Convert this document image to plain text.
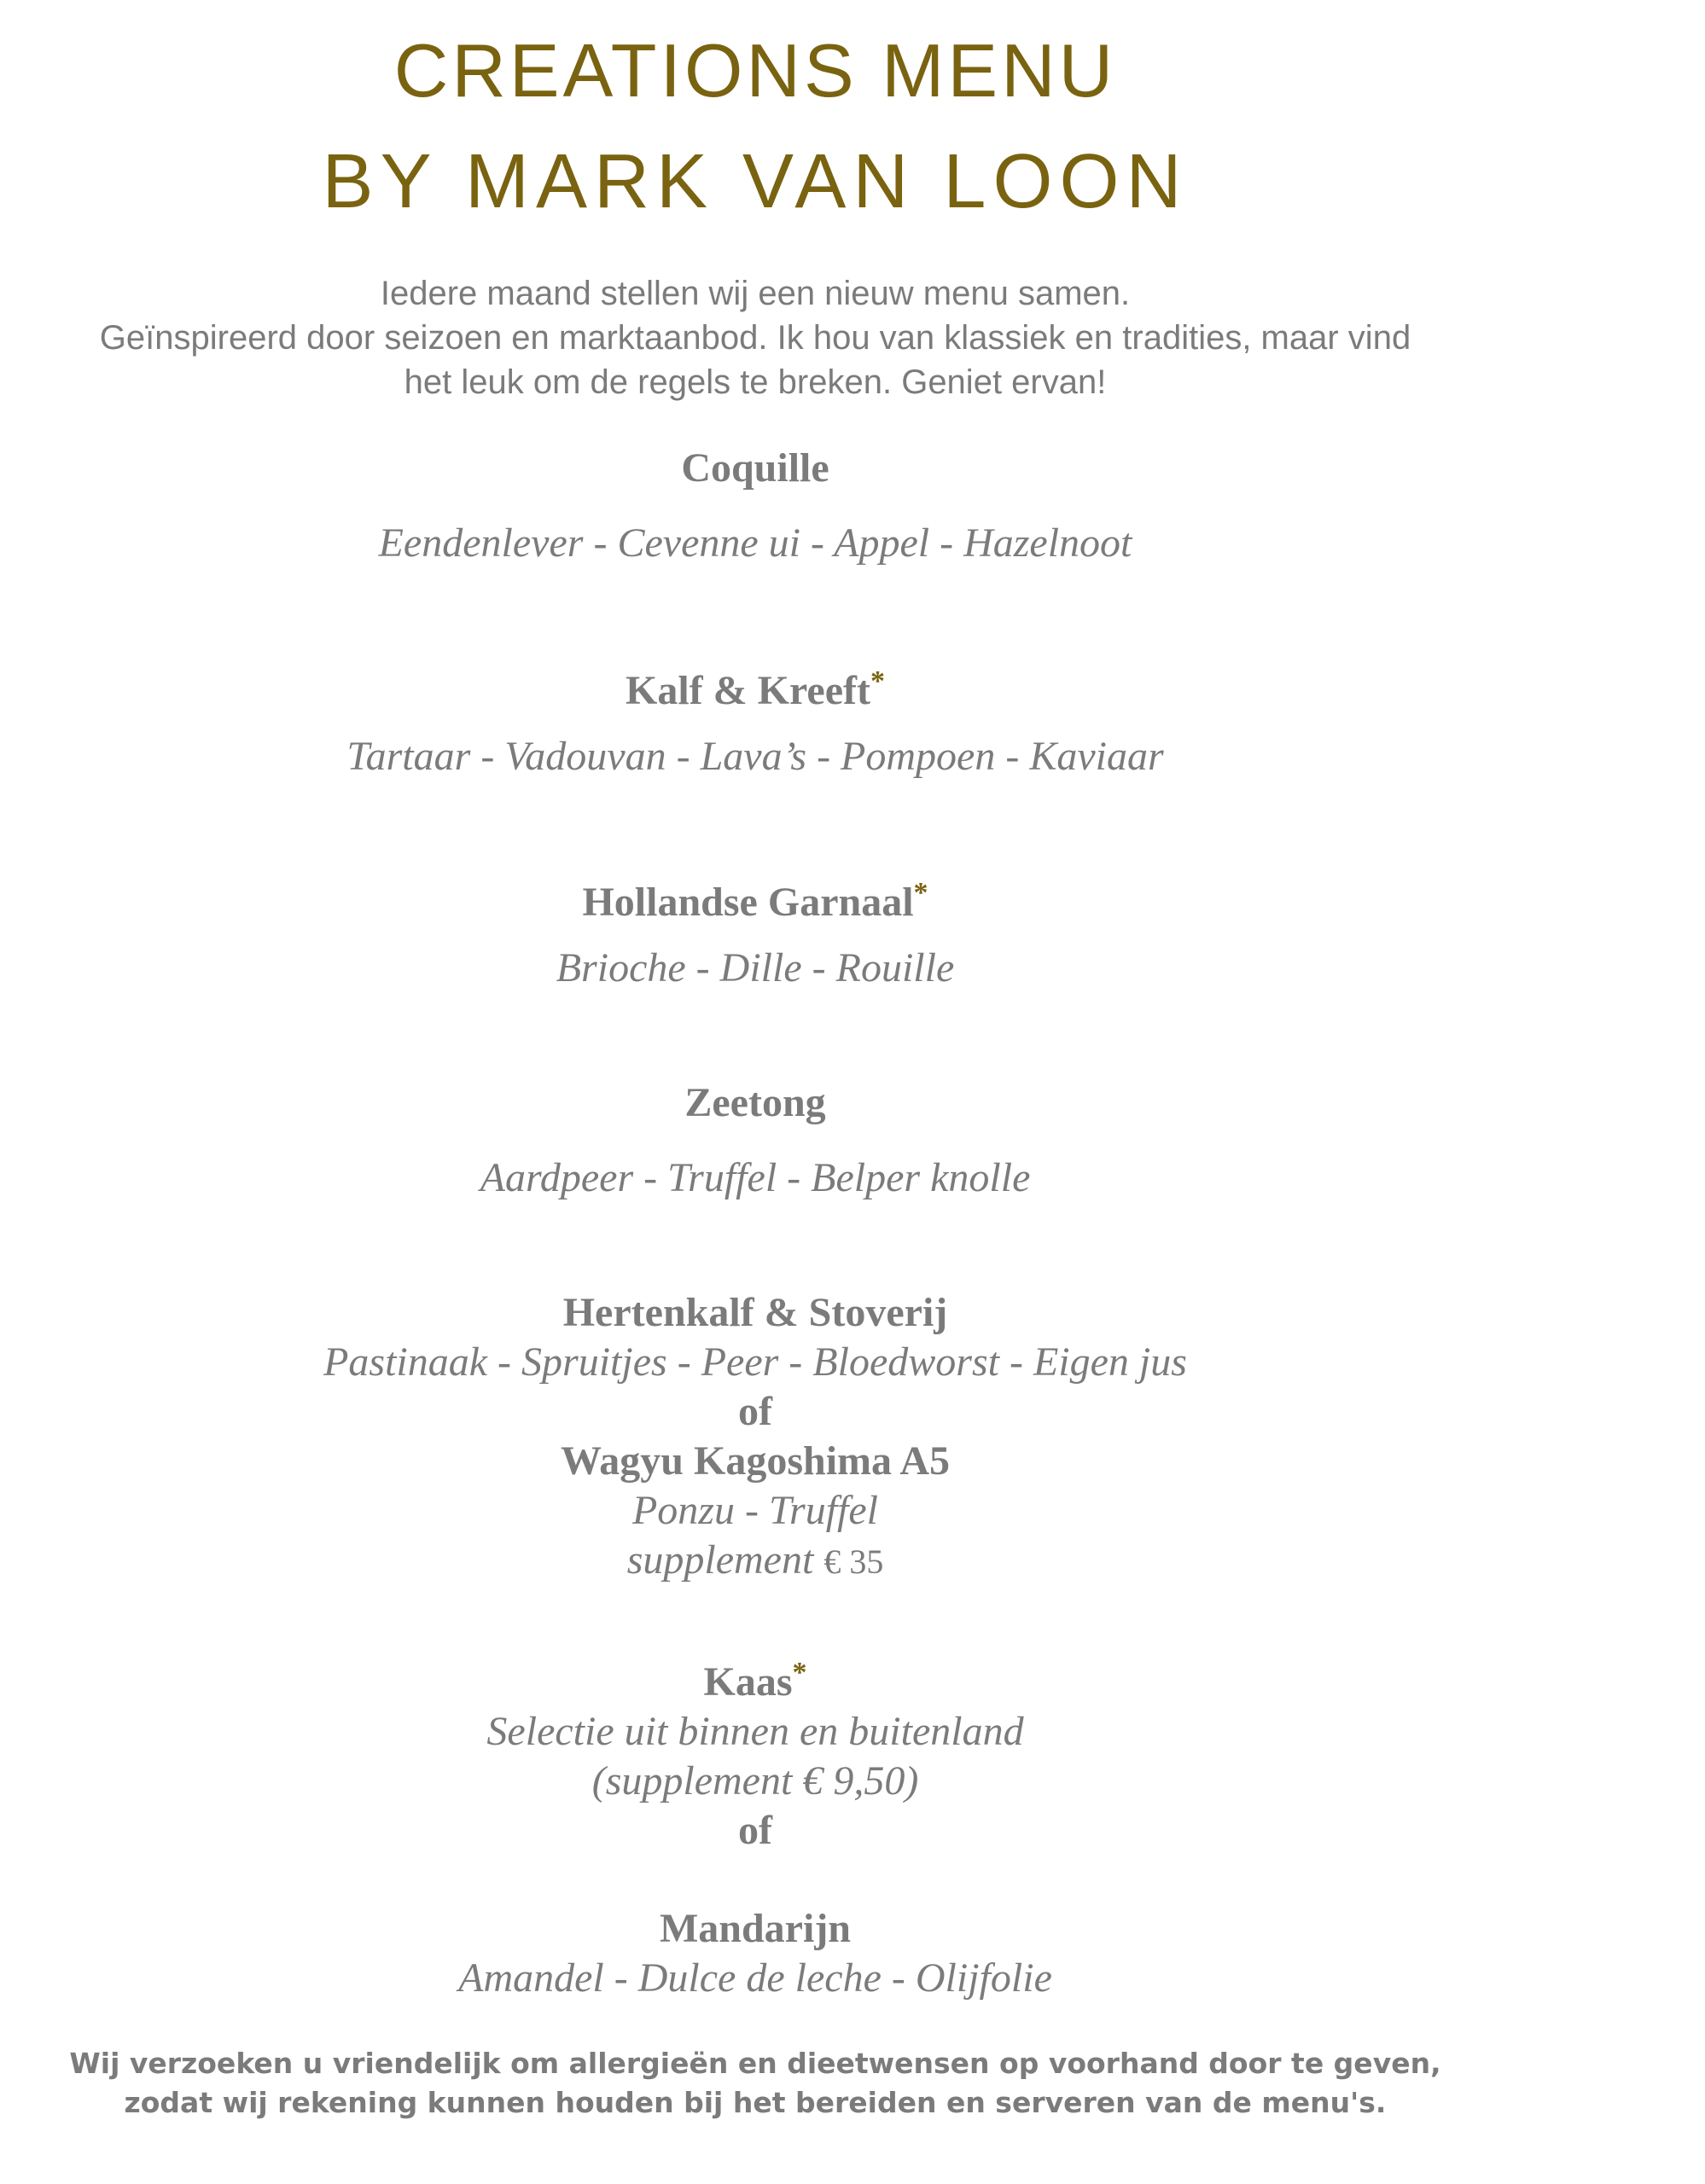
CREATIONS MENU
BY MARK VAN LOON
Iedere maand stellen wij een nieuw menu samen.
Geïnspireerd door seizoen en marktaanbod. Ik hou van klassiek en tradities, maar vind
het leuk om de regels te breken. Geniet ervan!
Coquille
Eendenlever - Cevenne ui - Appel - Hazelnoot
Kalf & Kreeft*
Tartaar - Vadouvan - Lava’s - Pompoen - Kaviaar
Hollandse Garnaal*
Brioche - Dille - Rouille
Zeetong
Aardpeer - Truffel - Belper knolle
Hertenkalf & Stoverij
Pastinaak - Spruitjes - Peer - Bloedworst - Eigen jus
of
Wagyu Kagoshima A5
Ponzu - Truffel
supplement € 35
Kaas*
Selectie uit binnen en buitenland
(supplement € 9,50)
of
Mandarijn
Amandel - Dulce de leche - Olijfolie
Wij verzoeken u vriendelijk om allergieën en dieetwensen op voorhand door te geven,
zodat wij rekening kunnen houden bij het bereiden en serveren van de menu's.
